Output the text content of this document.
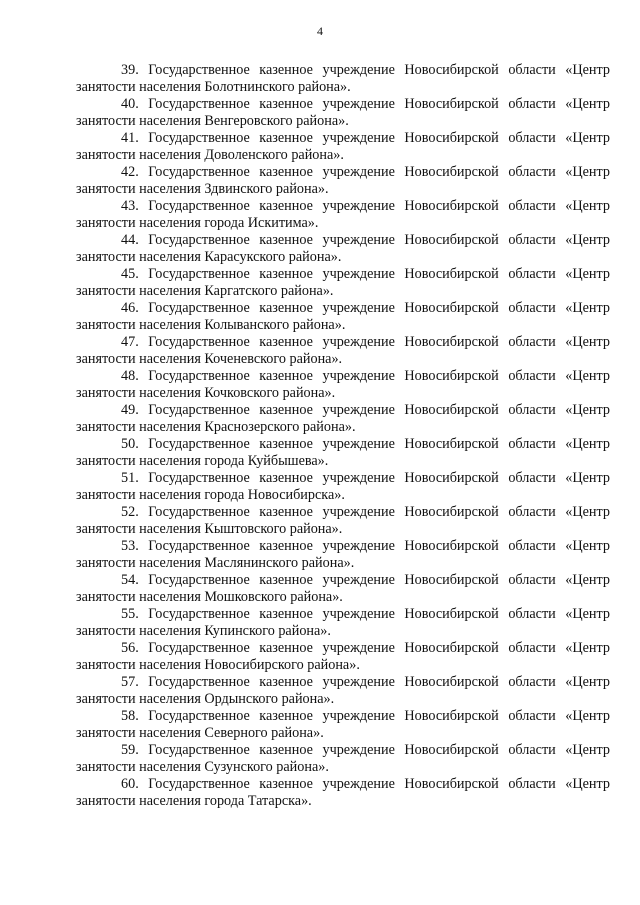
4
39. Государственное казенное учреждение Новосибирской области «Центр
занятости населения Болотнинского района».
40. Государственное казенное учреждение Новосибирской области «Центр
занятости населения Венгеровского района».
41. Государственное казенное учреждение Новосибирской области «Центр
занятости населения Доволенского района».
42. Государственное казенное учреждение Новосибирской области «Центр
занятости населения Здвинского района».
43. Государственное казенное учреждение Новосибирской области «Центр
занятости населения города Искитима».
44. Государственное казенное учреждение Новосибирской области «Центр
занятости населения Карасукского района».
45. Государственное казенное учреждение Новосибирской области «Центр
занятости населения Каргатского района».
46. Государственное казенное учреждение Новосибирской области «Центр
занятости населения Колыванского района».
47. Государственное казенное учреждение Новосибирской области «Центр
занятости населения Коченевского района».
48. Государственное казенное учреждение Новосибирской области «Центр
занятости населения Кочковского района».
49. Государственное казенное учреждение Новосибирской области «Центр
занятости населения Краснозерского района».
50. Государственное казенное учреждение Новосибирской области «Центр
занятости населения города Куйбышева».
51. Государственное казенное учреждение Новосибирской области «Центр
занятости населения города Новосибирска».
52. Государственное казенное учреждение Новосибирской области «Центр
занятости населения Кыштовского района».
53. Государственное казенное учреждение Новосибирской области «Центр
занятости населения Маслянинского района».
54. Государственное казенное учреждение Новосибирской области «Центр
занятости населения Мошковского района».
55. Государственное казенное учреждение Новосибирской области «Центр
занятости населения Купинского района».
56. Государственное казенное учреждение Новосибирской области «Центр
занятости населения Новосибирского района».
57. Государственное казенное учреждение Новосибирской области «Центр
занятости населения Ордынского района».
58. Государственное казенное учреждение Новосибирской области «Центр
занятости населения Северного района».
59. Государственное казенное учреждение Новосибирской области «Центр
занятости населения Сузунского района».
60. Государственное казенное учреждение Новосибирской области «Центр
занятости населения города Татарска».
